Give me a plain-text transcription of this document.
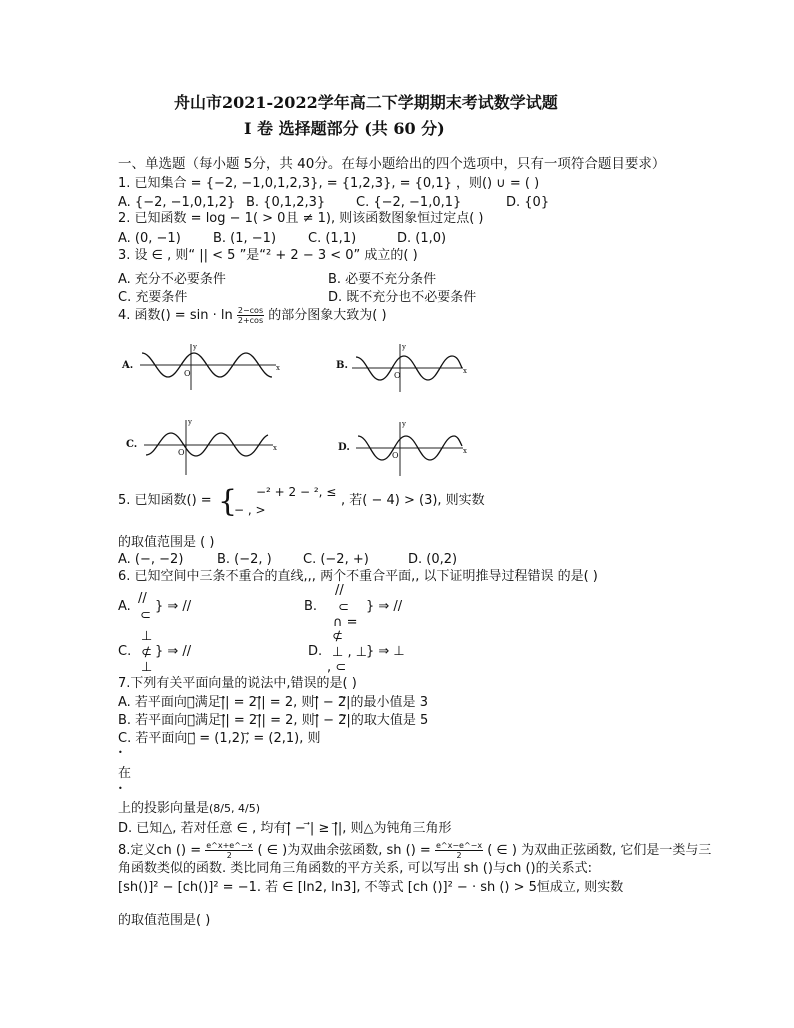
舟山市2021-2022学年高二下学期期末考试数学试题
I 卷 选择题部分 (共 60 分)
一、单选题（每小题 5分，共 40分。在每小题给出的四个选项中，只有一项符合题目要求）
1. 已知集合 = {−2, −1,0,1,2,3}, = {1,2,3}, = {0,1} ，则() ∪ = ( )
A. {−2, −1,0,1,2} B. {0,1,2,3} C. {−2, −1,0,1}	D. {0}
2. 已知函数 = log − 1( > 0且 ≠ 1), 则该函数图象恒过定点( )
A. (0, −1) B. (1, −1) C. (1,1)	D. (1,0)
3. 设 ∈ , 则“ || < 5 ”是“² + 2 − 3 < 0” 成立的( )
A. 充分不必要条件	B. 必要不充分条件
C. 充要条件	D. 既不充分也不必要条件
4. 函数() = $\sin \cdot \ln \frac{2-\cos}{2+\cos}$ 的部分图象大致为( )
A.
O
y
x	B.
O
y
x
C.
O
y
x	D.
O
y
x
5. 已知函数() = { −² + 2 − ², ≤
− , >
, 若( − 4) > (3), 则实数
的取值范围是 ( )
A. (−, −2)	B. (−2, ) C. (−2, +)	D. (0,2)
6. 已知空间中三条不重合的直线,,, 两个不重合平面,, 以下证明推导过程错误 的是( )
A.
//
⊂
} ⇒ //	B.
//
⊂
∩ =
} ⇒ //
C.
⊥
⊄
⊥
} ⇒ //	D.
⊄
⊥ , ⊥
, ⊂
} ⇒ ⊥
7.下列有关平面向量的说法中,错误的是( )
A. 若平面向量⃗满足|⃗| = 2|⃗| = 2, 则|⃗ − 2⃗|的最小值是 3
B. 若平面向量⃗满足|⃗| = 2|⃗| = 2, 则|⃗ − 2⃗|的取大值是 5
C. 若平面向量⃗ = (1,2),⃗ = (2,1), 则
•
在
•
上的投影向量是(8/5, 4/5)
D. 已知△, 若对任意 ∈ , 均有|⃗ − ⃗| ≥ |⃗|, 则△为钝角三角形
8.定义ch () = $\frac{e\^{}x+e\^{}-x}{2}$ ( ∈ )为双曲余弦函数, sh () = $\frac{e\^{}x-e\^{}-x}{2}$ ( ∈ ) 为双曲正弦函数, 它们是一类与三
角函数类似的函数. 类比同角三角函数的平方关系, 可以写出 sh ()与ch ()的关系式:
[sh()]² − [ch()]² = −1. 若 ∈ [ln2, ln3], 不等式 [ch ()]² − · sh () > 5恒成立, 则实数
的取值范围是( )
